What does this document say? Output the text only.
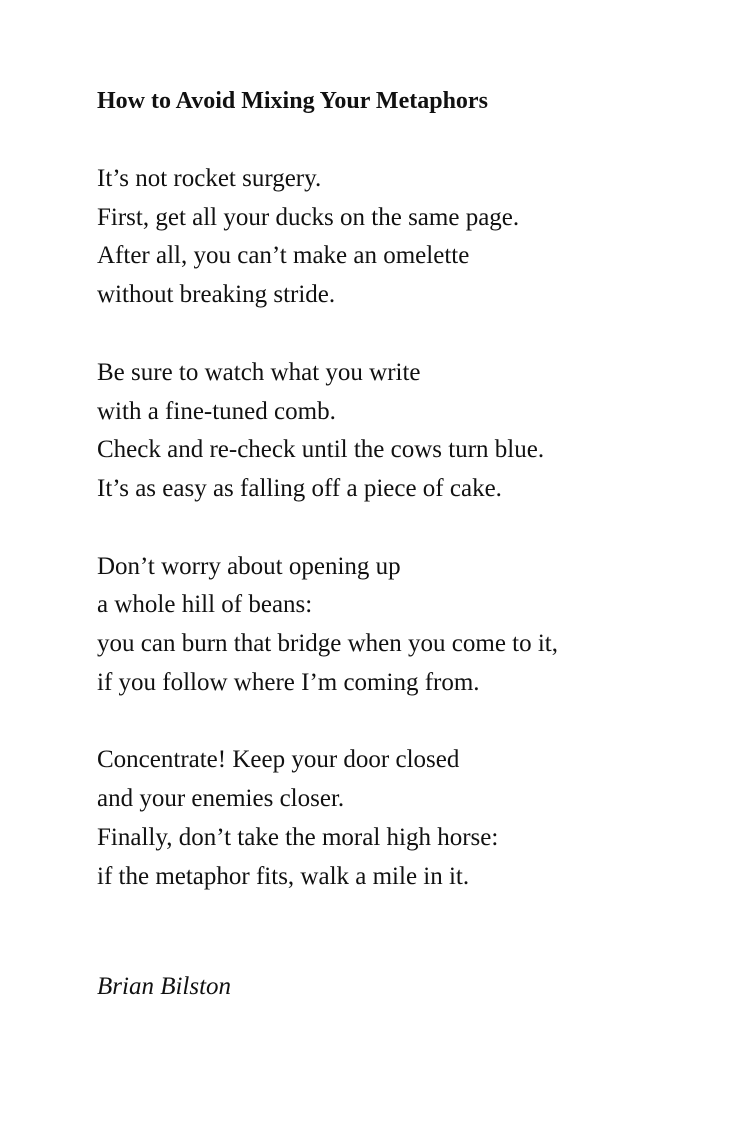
How to Avoid Mixing Your Metaphors
It’s not rocket surgery.
First, get all your ducks on the same page.
After all, you can’t make an omelette
without breaking stride.
Be sure to watch what you write
with a fine-tuned comb.
Check and re-check until the cows turn blue.
It’s as easy as falling off a piece of cake.
Don’t worry about opening up
a whole hill of beans:
you can burn that bridge when you come to it,
if you follow where I’m coming from.
Concentrate! Keep your door closed
and your enemies closer.
Finally, don’t take the moral high horse:
if the metaphor fits, walk a mile in it.

Brian Bilston
